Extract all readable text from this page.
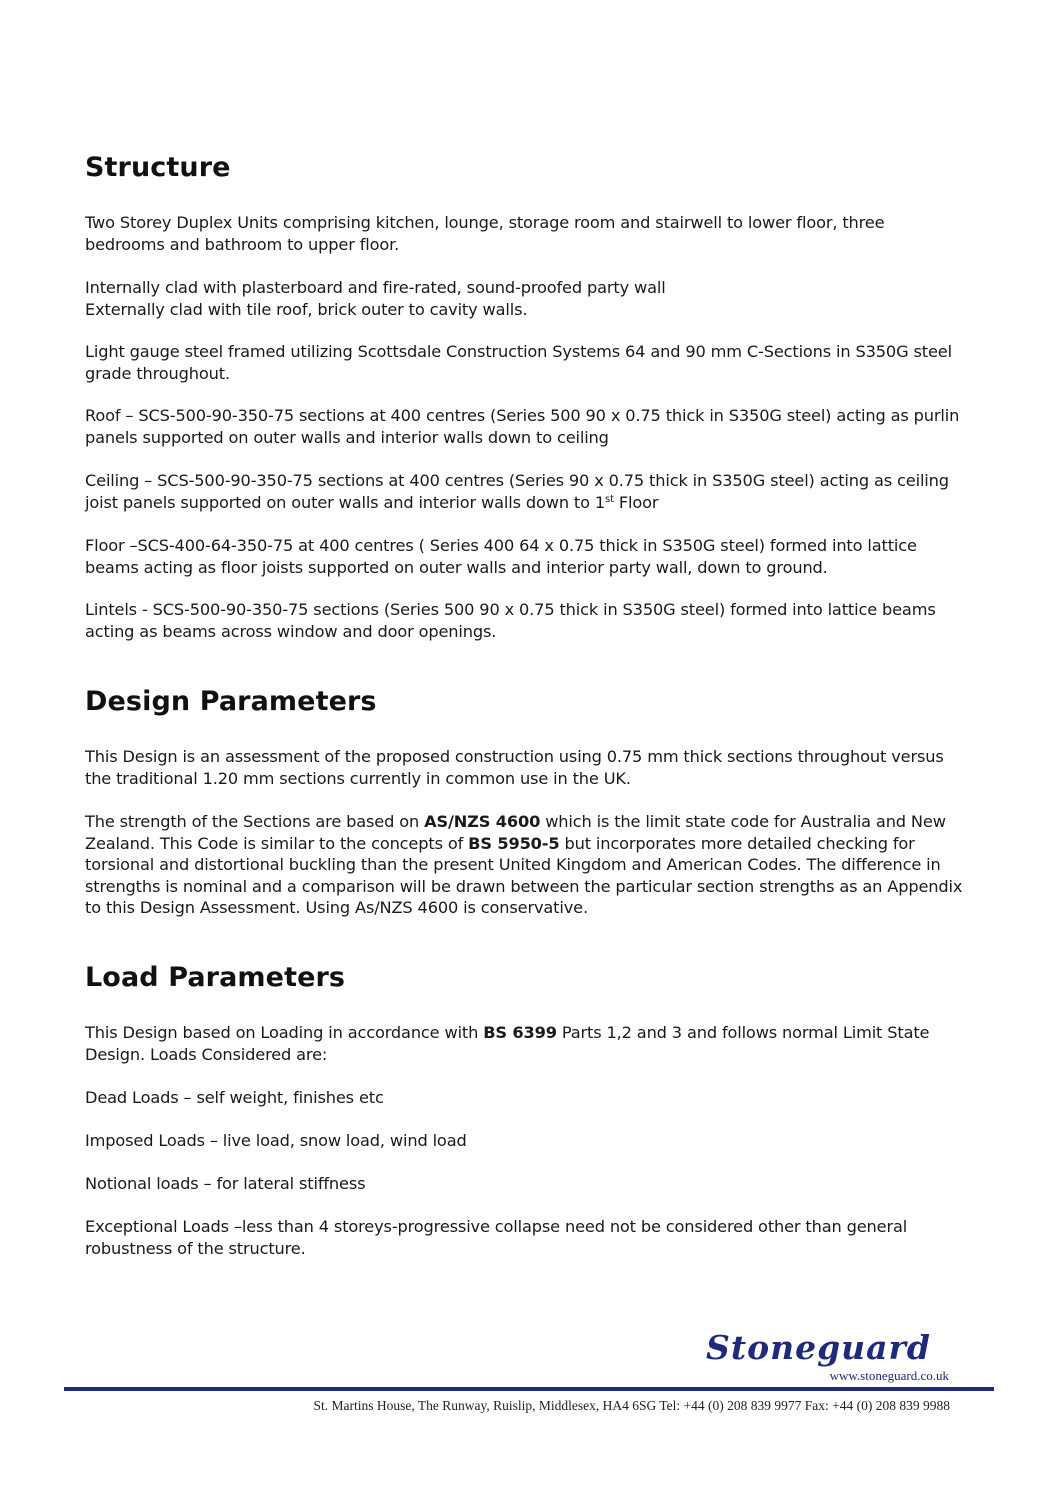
Structure

Two Storey Duplex Units comprising kitchen, lounge, storage room and stairwell to lower floor, three bedrooms and bathroom to upper floor.

Internally clad with plasterboard and fire-rated, sound-proofed party wall
Externally clad with tile roof, brick outer to cavity walls.

Light gauge steel framed utilizing Scottsdale Construction Systems 64 and 90 mm C-Sections in S350G steel grade throughout.

Roof – SCS-500-90-350-75 sections at 400 centres (Series 500 90 x 0.75 thick in S350G steel) acting as purlin panels supported on outer walls and interior walls down to ceiling

Ceiling – SCS-500-90-350-75 sections at 400 centres (Series 90 x 0.75 thick in S350G steel) acting as ceiling joist panels supported on outer walls and interior walls down to 1st Floor

Floor –SCS-400-64-350-75 at 400 centres ( Series 400 64 x 0.75 thick in S350G steel) formed into lattice beams acting as floor joists supported on outer walls and interior party wall, down to ground.

Lintels - SCS-500-90-350-75 sections (Series 500 90 x 0.75 thick in S350G steel) formed into lattice beams acting as beams across window and door openings.

Design Parameters

This Design is an assessment of the proposed construction using 0.75 mm thick sections throughout versus the traditional 1.20 mm sections currently in common use in the UK.

The strength of the Sections are based on AS/NZS 4600 which is the limit state code for Australia and New Zealand. This Code is similar to the concepts of BS 5950-5 but incorporates more detailed checking for torsional and distortional buckling than the present United Kingdom and American Codes. The difference in strengths is nominal and a comparison will be drawn between the particular section strengths as an Appendix to this Design Assessment. Using As/NZS 4600 is conservative.

Load Parameters

This Design based on Loading in accordance with BS 6399 Parts 1,2 and 3 and follows normal Limit State Design. Loads Considered are:

Dead Loads – self weight, finishes etc

Imposed Loads – live load, snow load, wind load

Notional loads – for lateral stiffness

Exceptional Loads –less than 4 storeys-progressive collapse need not be considered other than general robustness of the structure.

Stoneguard
www.stoneguard.co.uk
St. Martins House, The Runway, Ruislip, Middlesex, HA4 6SG Tel: +44 (0) 208 839 9977 Fax: +44 (0) 208 839 9988
